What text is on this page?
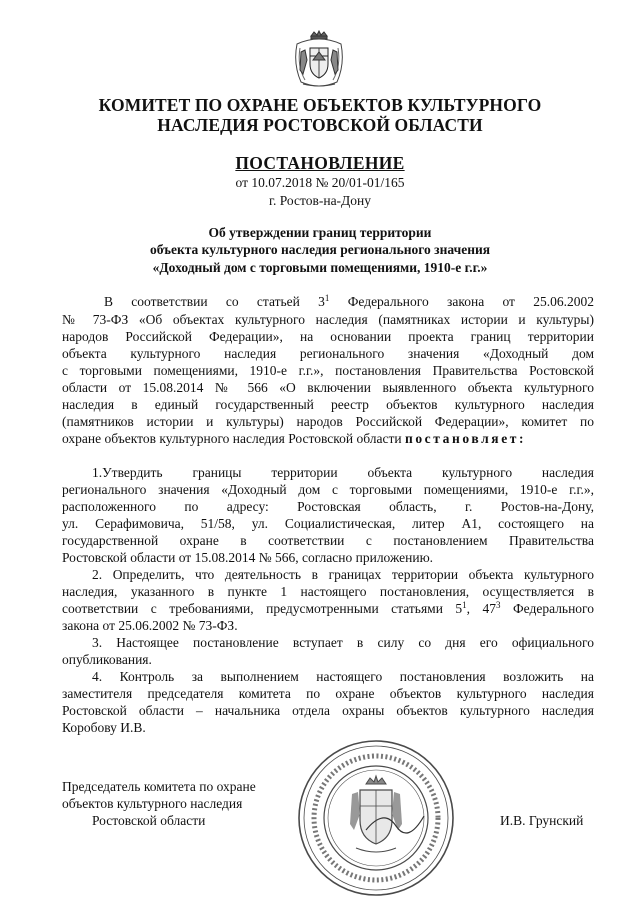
КОМИТЕТ ПО ОХРАНЕ ОБЪЕКТОВ КУЛЬТУРНОГО
НАСЛЕДИЯ РОСТОВСКОЙ ОБЛАСТИ
ПОСТАНОВЛЕНИЕ
от 10.07.2018 № 20/01-01/165
г. Ростов-на-Дону
Об утверждении границ территории
объекта культурного наследия регионального значения
«Доходный дом с торговыми помещениями, 1910-е г.г.»
В соответствии со статьей $3^1$ Федерального закона от 25.06.2002
№ 73-ФЗ «Об объектах культурного наследия (памятниках истории и культуры)
народов Российской Федерации», на основании проекта границ территории
объекта культурного наследия регионального значения «Доходный дом
с торговыми помещениями, 1910-е г.г.», постановления Правительства Ростовской
области от 15.08.2014 № 566 «О включении выявленного объекта культурного
наследия в единый государственный реестр объектов культурного наследия
(памятников истории и культуры) народов Российской Федерации», комитет по
охране объектов культурного наследия Ростовской области постановляет:
1.Утвердить границы территории объекта культурного наследия
регионального значения «Доходный дом с торговыми помещениями, 1910-е г.г.»,
расположенного по адресу: Ростовская область, г. Ростов-на-Дону,
ул. Серафимовича, 51/58, ул. Социалистическая, литер А1, состоящего на
государственной охране в соответствии с постановлением Правительства
Ростовской области от 15.08.2014 № 566, согласно приложению.
2. Определить, что деятельность в границах территории объекта культурного
наследия, указанного в пункте 1 настоящего постановления, осуществляется в
соответствии с требованиями, предусмотренными статьями $5^1$, $47^3$ Федерального
закона от 25.06.2002 № 73-ФЗ.
3. Настоящее постановление вступает в силу со дня его официального
опубликования.
4. Контроль за выполнением настоящего постановления возложить на
заместителя председателя комитета по охране объектов культурного наследия
Ростовской области – начальника отдела охраны объектов культурного наследия
Коробову И.В.
Председатель комитета по охране
объектов культурного наследия
Ростовской области	И.В. Грунский
